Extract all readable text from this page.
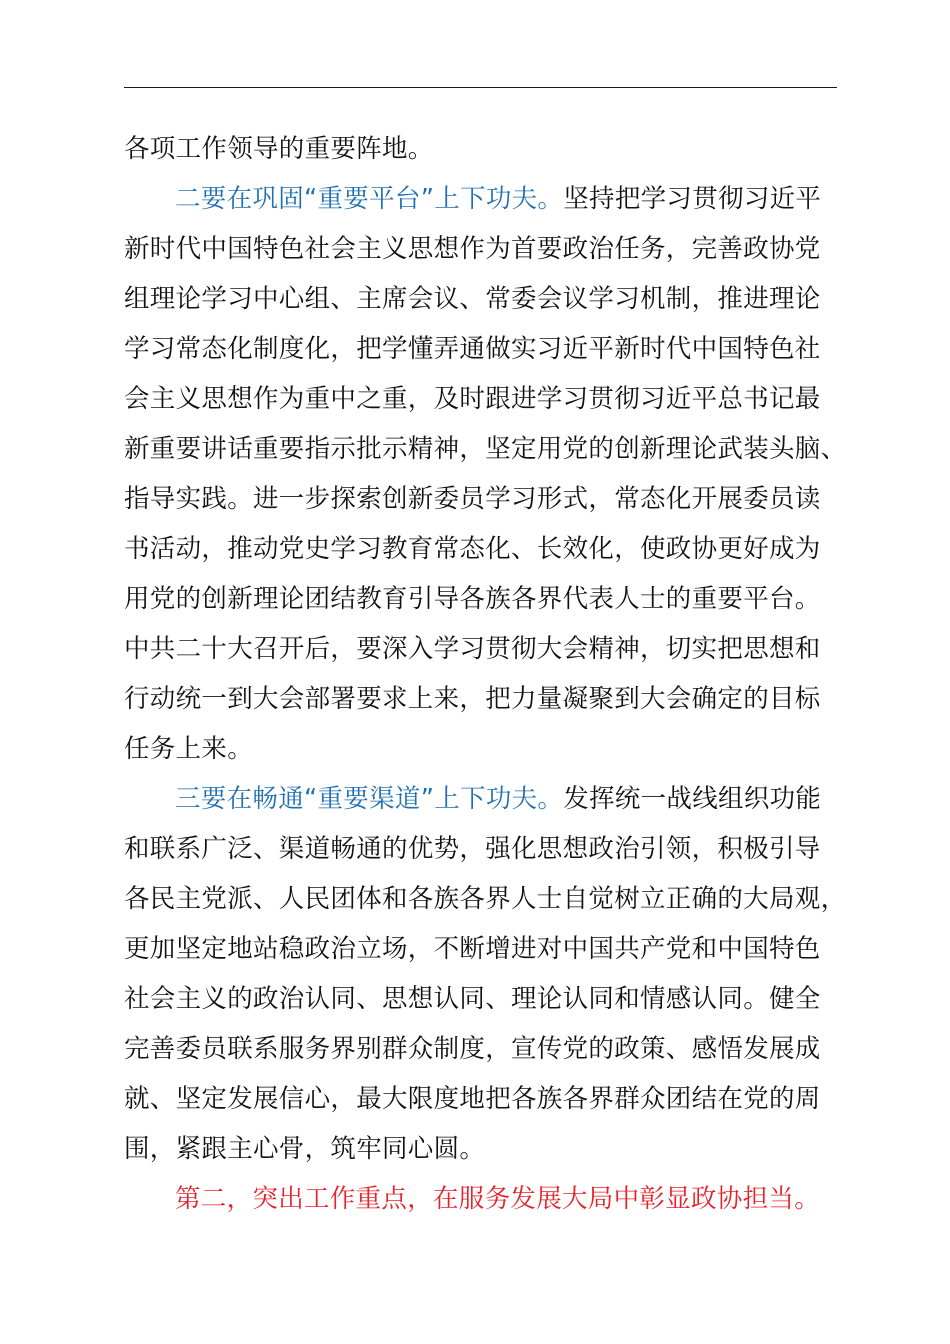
各项工作领导的重要阵地。
二要在巩固“重要平台”上下功夫。坚持把学习贯彻习近平
新时代中国特色社会主义思想作为首要政治任务，完善政协党
组理论学习中心组、主席会议、常委会议学习机制，推进理论
学习常态化制度化，把学懂弄通做实习近平新时代中国特色社
会主义思想作为重中之重，及时跟进学习贯彻习近平总书记最
新重要讲话重要指示批示精神，坚定用党的创新理论武装头脑、
指导实践。进一步探索创新委员学习形式，常态化开展委员读
书活动，推动党史学习教育常态化、长效化，使政协更好成为
用党的创新理论团结教育引导各族各界代表人士的重要平台。
中共二十大召开后，要深入学习贯彻大会精神，切实把思想和
行动统一到大会部署要求上来，把力量凝聚到大会确定的目标
任务上来。
三要在畅通“重要渠道”上下功夫。发挥统一战线组织功能
和联系广泛、渠道畅通的优势，强化思想政治引领，积极引导
各民主党派、人民团体和各族各界人士自觉树立正确的大局观，
更加坚定地站稳政治立场，不断增进对中国共产党和中国特色
社会主义的政治认同、思想认同、理论认同和情感认同。健全
完善委员联系服务界别群众制度，宣传党的政策、感悟发展成
就、坚定发展信心，最大限度地把各族各界群众团结在党的周
围，紧跟主心骨，筑牢同心圆。
第二，突出工作重点，在服务发展大局中彰显政协担当。
